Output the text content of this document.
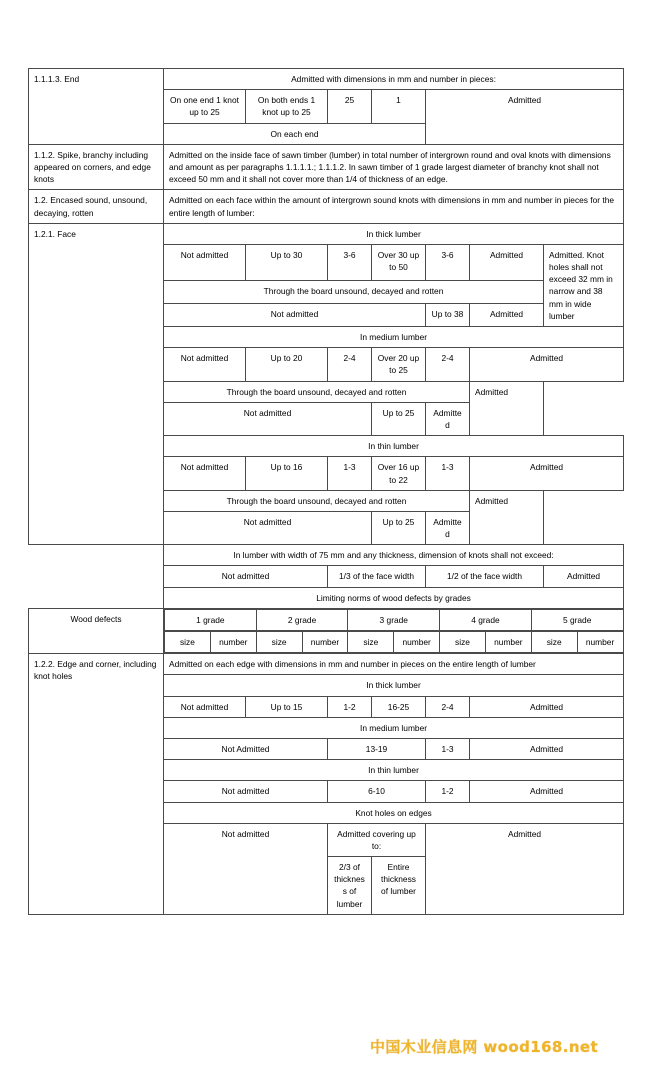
1.1.1.3. End	Admitted with dimensions in mm and number in pieces:
On one end 1 knot up to 25	On both ends 1 knot up to 25	25	1	Admitted
On each end
1.1.2. Spike, branchy including appeared on corners, and edge knots	Admitted on the inside face of sawn timber (lumber) in total number of intergrown round and oval knots with dimensions and amount as per paragraphs 1.1.1.1.; 1.1.1.2. In sawn timber of 1 grade largest diameter of branchy knot shall not exceed 50 mm and it shall not cover more than 1/4 of thickness of an edge.
1.2. Encased sound, unsound, decaying, rotten	Admitted on each face within the amount of intergrown sound knots with dimensions in mm and number in pieces for the entire length of lumber:
1.2.1. Face	In thick lumber
Not admitted	Up to 30	3-6	Over 30 up to 50	3-6	Admitted	Admitted. Knot holes shall not exceed 32 mm in narrow and 38 mm in wide lumber
Through the board unsound, decayed and rotten
Not admitted	Up to 38	Admitted
In medium lumber
Not admitted	Up to 20	2-4	Over 20 up to 25	2-4	Admitted
Through the board unsound, decayed and rotten	Admitted
Not admitted	Up to 25	Admitted
In thin lumber
Not admitted	Up to 16	1-3	Over 16 up to 22	1-3	Admitted
Through the board unsound, decayed and rotten	Admitted
Not admitted	Up to 25	Admitted
	In lumber with width of 75 mm and any thickness, dimension of knots shall not exceed:
Not admitted	1/3 of the face width	1/2 of the face width	Admitted
	Limiting norms of wood defects by grades
Wood defects		1 grade	2 grade	3 grade	4 grade	5 grade

size	number	size	number	size	number	size	number	size	number

1.2.2. Edge and corner, including knot holes	Admitted on each edge with dimensions in mm and number in pieces on the entire length of lumber
In thick lumber
Not admitted	Up to 15	1-2	16-25	2-4	Admitted
In medium lumber
Not Admitted	13-19	1-3	Admitted
In thin lumber
Not admitted	6-10	1-2	Admitted
Knot holes on edges
Not admitted	Admitted covering up to:	Admitted
2/3 of thickness of lumber	Entire thickness of lumber
中国木业信息网 wood168.net
